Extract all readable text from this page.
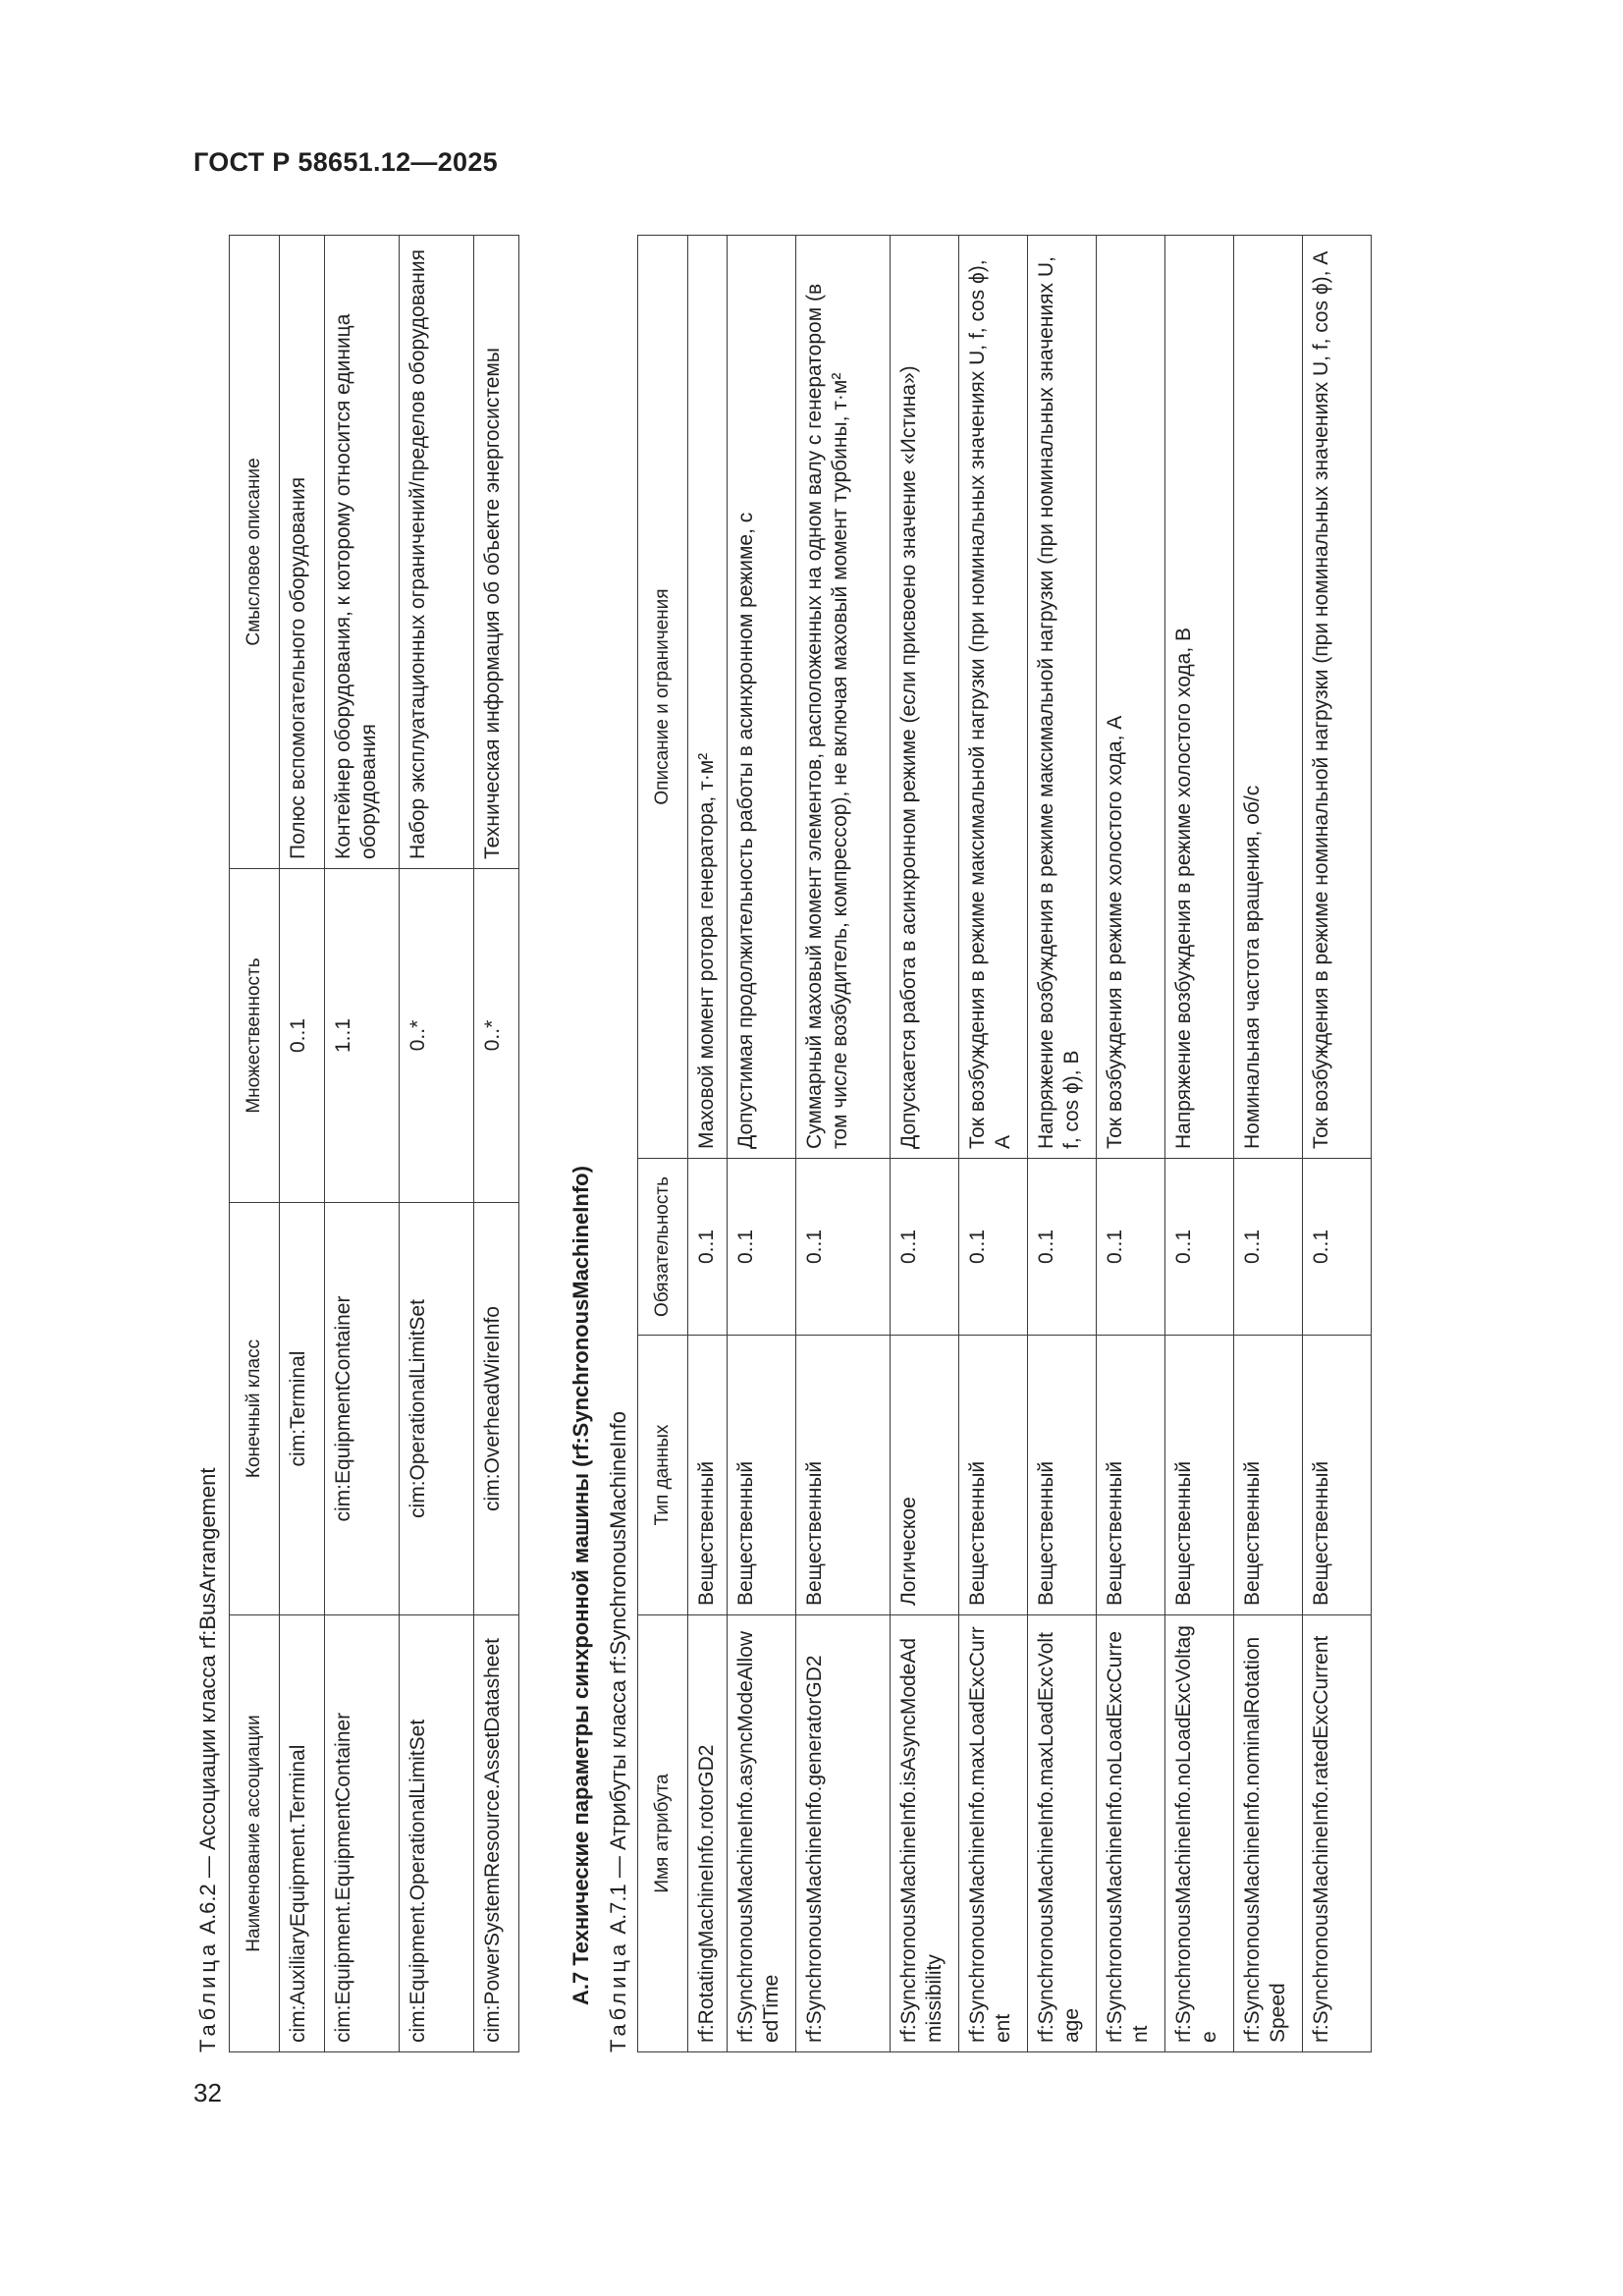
ГОСТ Р 58651.12—2025
32
Таблица A.6.2 — Ассоциации класса rf:BusArrangement Наименование ассоциации	Конечный класс	Множественность	Смысловое описание
cim:AuxiliaryEquipment.Terminal	cim:Terminal	0..1	Полюс вспомогательного оборудования
cim:Equipment.EquipmentContainer	cim:EquipmentContainer	1..1	Контейнер оборудования, к которому относится единица оборудования
cim:Equipment.OperationalLimitSet	cim:OperationalLimitSet	0..*	Набор эксплуатационных ограничений/пределов оборудования
cim:PowerSystemResource.AssetDatasheet	cim:OverheadWireInfo	0..*	Техническая информация об объекте энергосистемы
A.7 Технические параметры синхронной машины (rf:SynchronousMachineInfo) Таблица A.7.1 — Атрибуты класса rf:SynchronousMachineInfo Имя атрибута	Тип данных	Обязательность	Описание и ограничения
rf:RotatingMachineInfo.rotorGD2	Вещественный	0..1	Маховой момент ротора генератора, т·м²
rf:SynchronousMachineInfo.asyncModeAllowedTime	Вещественный	0..1	Допустимая продолжительность работы в асинхронном режиме, с
rf:SynchronousMachineInfo.generatorGD2	Вещественный	0..1	Суммарный маховый момент элементов, расположенных на одном валу с генератором (в том числе возбудитель, компрессор), не включая маховый момент турбины, т·м²
rf:SynchronousMachineInfo.isAsyncModeAdmissibility	Логическое	0..1	Допускается работа в асинхронном режиме (если присвоено значение «Истина»)
rf:SynchronousMachineInfo.maxLoadExcCurrent	Вещественный	0..1	Ток возбуждения в режиме максимальной нагрузки (при номинальных значениях U, f, cos ϕ), A
rf:SynchronousMachineInfo.maxLoadExcVoltage	Вещественный	0..1	Напряжение возбуждения в режиме максимальной нагрузки (при номинальных значениях U, f, cos ϕ), B
rf:SynchronousMachineInfo.noLoadExcCurrent	Вещественный	0..1	Ток возбуждения в режиме холостого хода, A
rf:SynchronousMachineInfo.noLoadExcVoltage	Вещественный	0..1	Напряжение возбуждения в режиме холостого хода, B
rf:SynchronousMachineInfo.nominalRotationSpeed	Вещественный	0..1	Номинальная частота вращения, об/с
rf:SynchronousMachineInfo.ratedExcCurrent	Вещественный	0..1	Ток возбуждения в режиме номинальной нагрузки (при номинальных значениях U, f, cos ϕ), A
